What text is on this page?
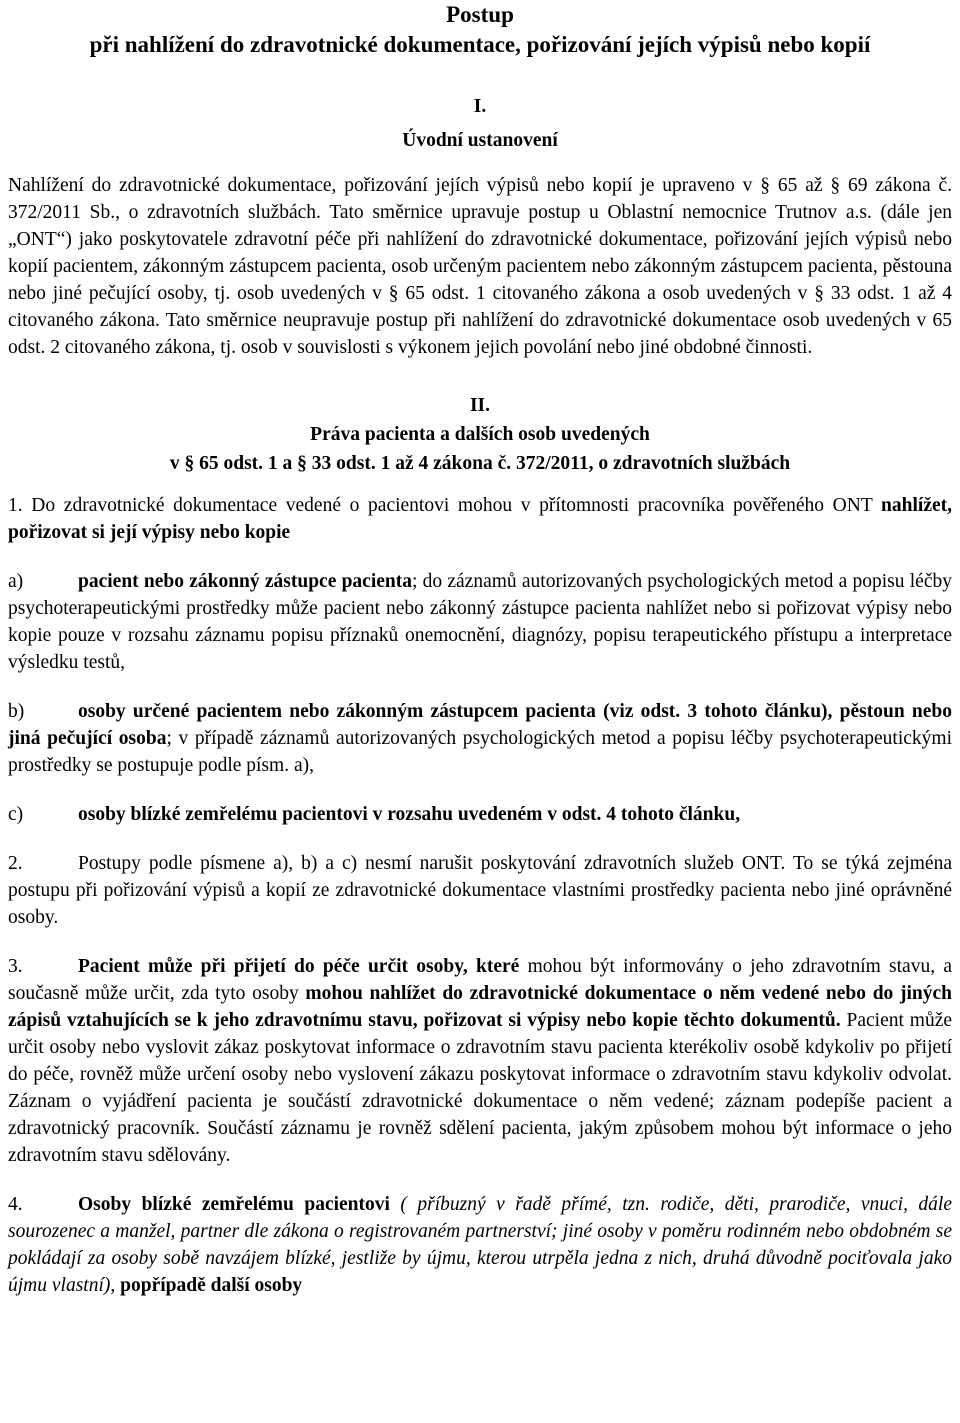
Postup
při nahlížení do zdravotnické dokumentace, pořizování jejích výpisů nebo kopií
I.
Úvodní ustanovení

Nahlížení do zdravotnické dokumentace, pořizování jejích výpisů nebo kopií je upraveno v § 65 až § 69 zákona č. 372/2011 Sb., o zdravotních službách. Tato směrnice upravuje postup u Oblastní nemocnice Trutnov a.s. (dále jen „ONT“) jako poskytovatele zdravotní péče při nahlížení do zdravotnické dokumentace, pořizování jejích výpisů nebo kopií pacientem, zákonným zástupcem pacienta, osob určeným pacientem nebo zákonným zástupcem pacienta, pěstouna nebo jiné pečující osoby, tj. osob uvedených v § 65 odst. 1 citovaného zákona a osob uvedených v § 33 odst. 1 až 4 citovaného zákona. Tato směrnice neupravuje postup při nahlížení do zdravotnické dokumentace osob uvedených v 65 odst. 2 citovaného zákona, tj. osob v souvislosti s výkonem jejich povolání nebo jiné obdobné činnosti.

II.
Práva pacienta a dalších osob uvedených
v § 65 odst. 1 a § 33 odst. 1 až 4 zákona č. 372/2011, o zdravotních službách

1. Do zdravotnické dokumentace vedené o pacientovi mohou v přítomnosti pracovníka pověřeného ONT nahlížet, pořizovat si její výpisy nebo kopie

a)	pacient nebo zákonný zástupce pacienta; do záznamů autorizovaných psychologických metod a popisu léčby psychoterapeutickými prostředky může pacient nebo zákonný zástupce pacienta nahlížet nebo si pořizovat výpisy nebo kopie pouze v rozsahu záznamu popisu příznaků onemocnění, diagnózy, popisu terapeutického přístupu a interpretace výsledku testů,

b)	osoby určené pacientem nebo zákonným zástupcem pacienta (viz odst. 3 tohoto článku), pěstoun nebo jiná pečující osoba; v případě záznamů autorizovaných psychologických metod a popisu léčby psychoterapeutickými prostředky se postupuje podle písm. a),

c)	osoby blízké zemřelému pacientovi v rozsahu uvedeném v odst. 4 tohoto článku,

2.	Postupy podle písmene a), b) a c) nesmí narušit poskytování zdravotních služeb ONT. To se týká zejména postupu při pořizování výpisů a kopií ze zdravotnické dokumentace vlastními prostředky pacienta nebo jiné oprávněné osoby.

3.	Pacient může při přijetí do péče určit osoby, které mohou být informovány o jeho zdravotním stavu, a současně může určit, zda tyto osoby mohou nahlížet do zdravotnické dokumentace o něm vedené nebo do jiných zápisů vztahujících se k jeho zdravotnímu stavu, pořizovat si výpisy nebo kopie těchto dokumentů. Pacient může určit osoby nebo vyslovit zákaz poskytovat informace o zdravotním stavu pacienta kterékoliv osobě kdykoliv po přijetí do péče, rovněž může určení osoby nebo vyslovení zákazu poskytovat informace o zdravotním stavu kdykoliv odvolat. Záznam o vyjádření pacienta je součástí zdravotnické dokumentace o něm vedené; záznam podepíše pacient a zdravotnický pracovník. Součástí záznamu je rovněž sdělení pacienta, jakým způsobem mohou být informace o jeho zdravotním stavu sdělovány.

4.	Osoby blízké zemřelému pacientovi ( příbuzný v řadě přímé, tzn. rodiče, děti, prarodiče, vnuci, dále sourozenec a manžel, partner dle zákona o registrovaném partnerství; jiné osoby v poměru rodinném nebo obdobném se pokládají za osoby sobě navzájem blízké, jestliže by újmu, kterou utrpěla jedna z nich, druhá důvodně pociťovala jako újmu vlastní), popřípadě další osoby
